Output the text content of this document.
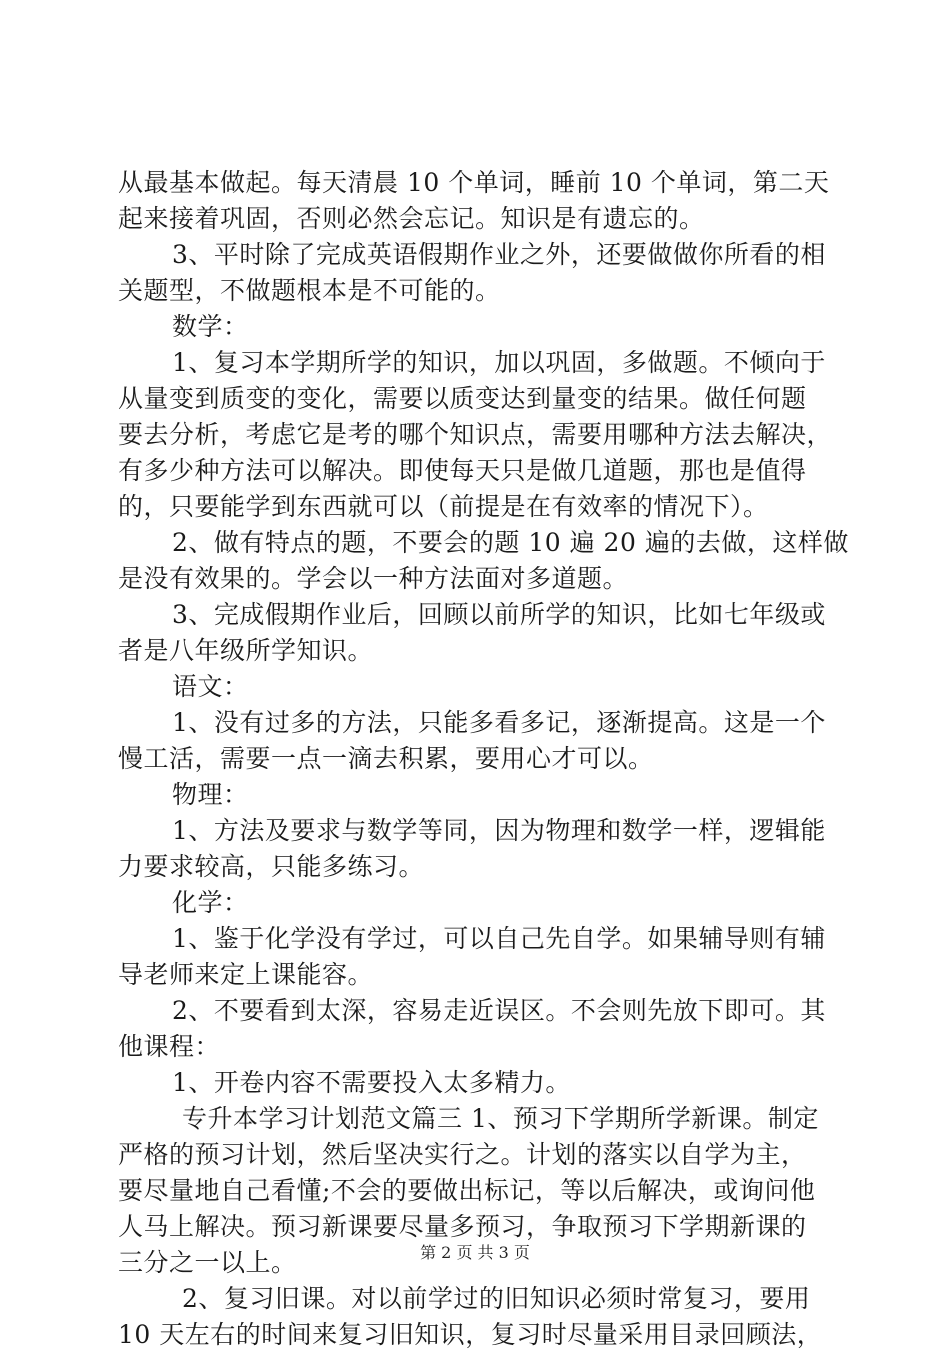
从最基本做起。每天清晨 10 个单词，睡前 10 个单词，第二天
起来接着巩固，否则必然会忘记。知识是有遗忘的。
3、平时除了完成英语假期作业之外，还要做做你所看的相
关题型，不做题根本是不可能的。
数学：
1、复习本学期所学的知识，加以巩固，多做题。不倾向于
从量变到质变的变化，需要以质变达到量变的结果。做任何题
要去分析，考虑它是考的哪个知识点，需要用哪种方法去解决，
有多少种方法可以解决。即使每天只是做几道题，那也是值得
的，只要能学到东西就可以（前提是在有效率的情况下）。
2、做有特点的题，不要会的题 10 遍 20 遍的去做，这样做
是没有效果的。学会以一种方法面对多道题。
3、完成假期作业后，回顾以前所学的知识，比如七年级或
者是八年级所学知识。
语文：
1、没有过多的方法，只能多看多记，逐渐提高。这是一个
慢工活，需要一点一滴去积累，要用心才可以。
物理：
1、方法及要求与数学等同，因为物理和数学一样，逻辑能
力要求较高，只能多练习。
化学：
1、鉴于化学没有学过，可以自己先自学。如果辅导则有辅
导老师来定上课能容。
2、不要看到太深，容易走近误区。不会则先放下即可。其
他课程：
1、开卷内容不需要投入太多精力。
专升本学习计划范文篇三 1、预习下学期所学新课。制定
严格的预习计划，然后坚决实行之。计划的落实以自学为主，
要尽量地自己看懂;不会的要做出标记，等以后解决，或询问他
人马上解决。预习新课要尽量多预习，争取预习下学期新课的
三分之一以上。
2、复习旧课。对以前学过的旧知识必须时常复习，要用
10 天左右的时间来复习旧知识，复习时尽量采用目录回顾法，
第 2 页 共 3 页
